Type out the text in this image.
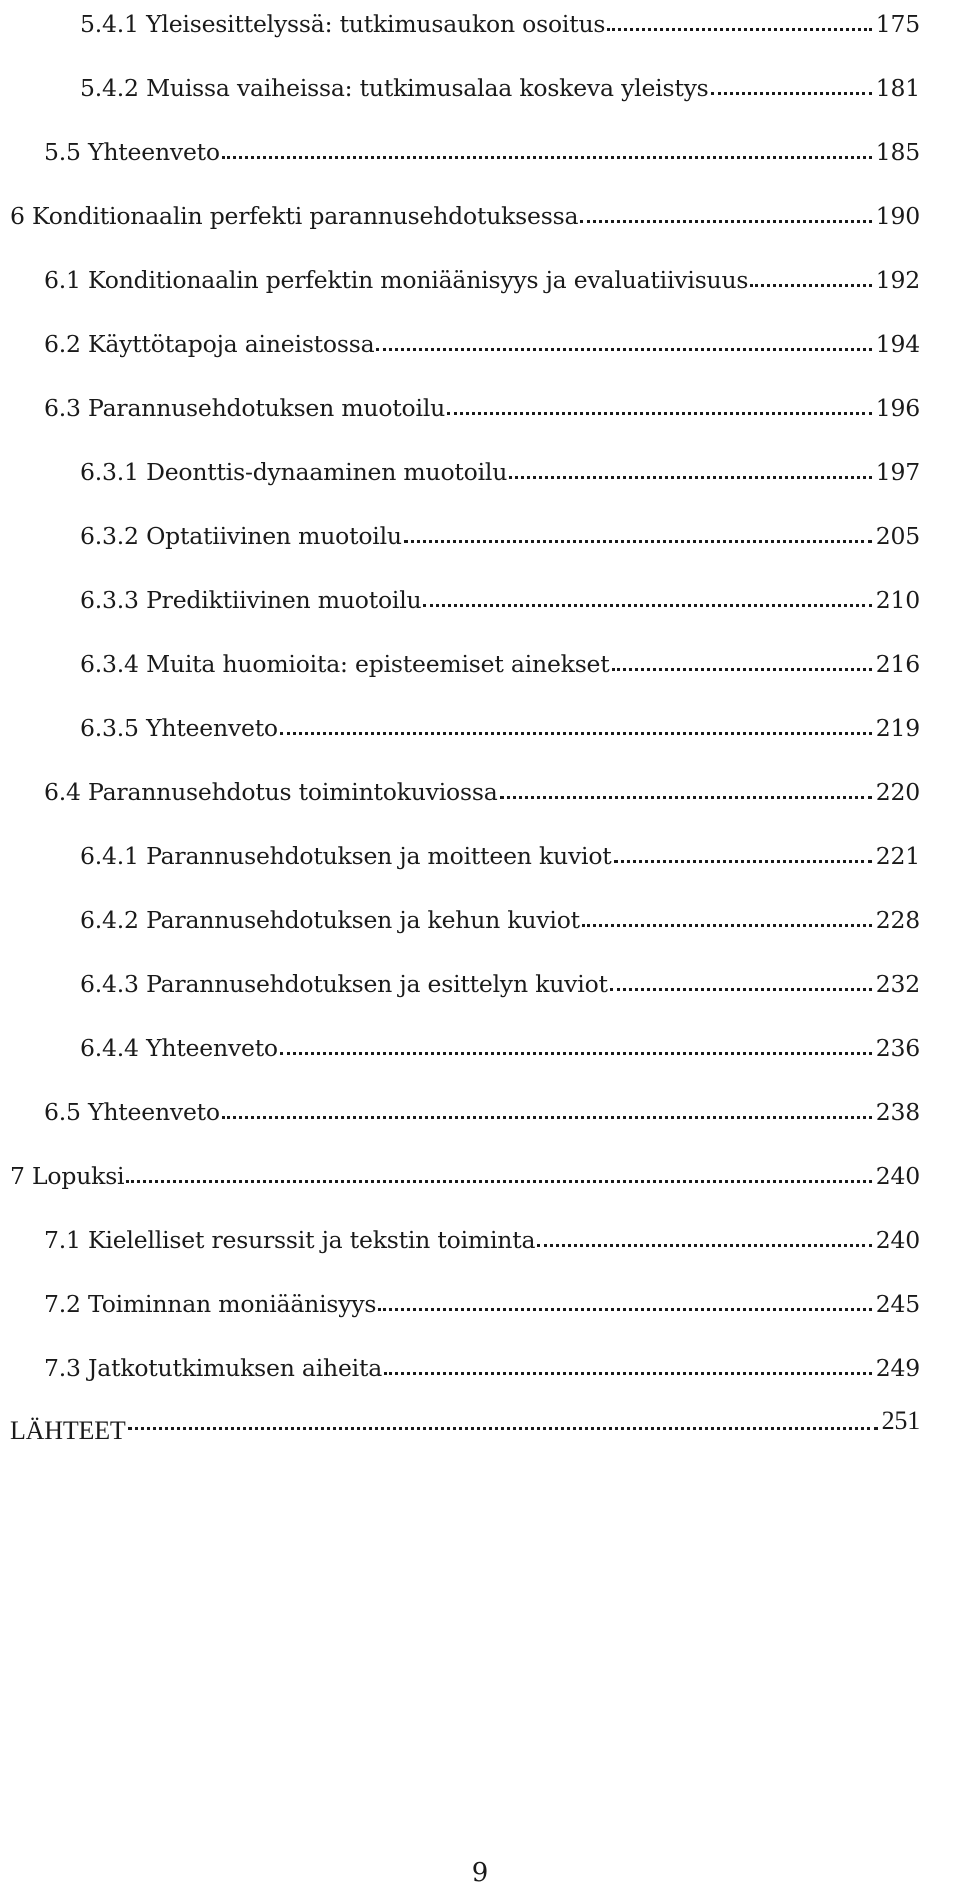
5.4.1 Yleisesittelyssä: tutkimusaukon osoitus	175
5.4.2 Muissa vaiheissa: tutkimusalaa koskeva yleistys	181
5.5 Yhteenveto	185
6 Konditionaalin perfekti parannusehdotuksessa	190
6.1 Konditionaalin perfektin moniäänisyys ja evaluatiivisuus	192
6.2 Käyttötapoja aineistossa	194
6.3 Parannusehdotuksen muotoilu	196
6.3.1 Deonttis-dynaaminen muotoilu	197
6.3.2 Optatiivinen muotoilu	205
6.3.3 Prediktiivinen muotoilu	210
6.3.4 Muita huomioita: episteemiset ainekset	216
6.3.5 Yhteenveto	219
6.4 Parannusehdotus toimintokuviossa	220
6.4.1 Parannusehdotuksen ja moitteen kuviot	221
6.4.2 Parannusehdotuksen ja kehun kuviot	228
6.4.3 Parannusehdotuksen ja esittelyn kuviot	232
6.4.4 Yhteenveto	236
6.5 Yhteenveto	238
7 Lopuksi	240
7.1 Kielelliset resurssit ja tekstin toiminta	240
7.2 Toiminnan moniäänisyys	245
7.3 Jatkotutkimuksen aiheita	249
LÄHTEET	251
9
